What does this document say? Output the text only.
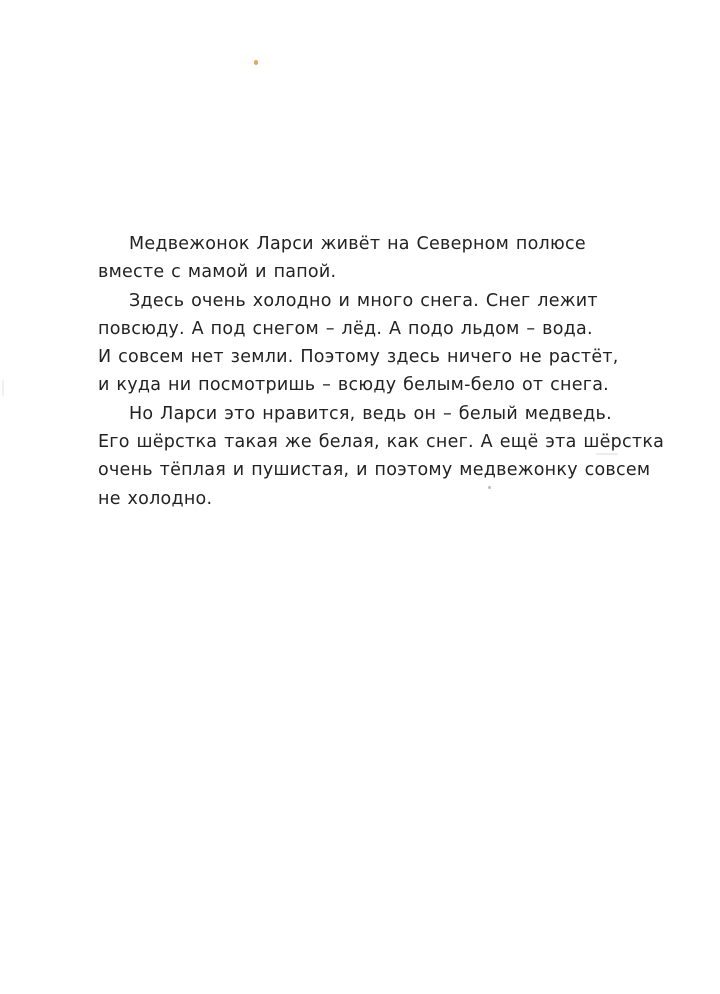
Медвежонок Ларси живёт на Северном полюсе
вместе с мамой и папой.

Здесь очень холодно и много снега. Снег лежит
повсюду. А под снегом – лёд. А подо льдом – вода.
И совсем нет земли. Поэтому здесь ничего не растёт,
и куда ни посмотришь – всюду белым-бело от снега.

Но Ларси это нравится, ведь он – белый медведь.
Его шёрстка такая же белая, как снег. А ещё эта шёрстка
очень тёплая и пушистая, и поэтому медвежонку совсем
не холодно.
